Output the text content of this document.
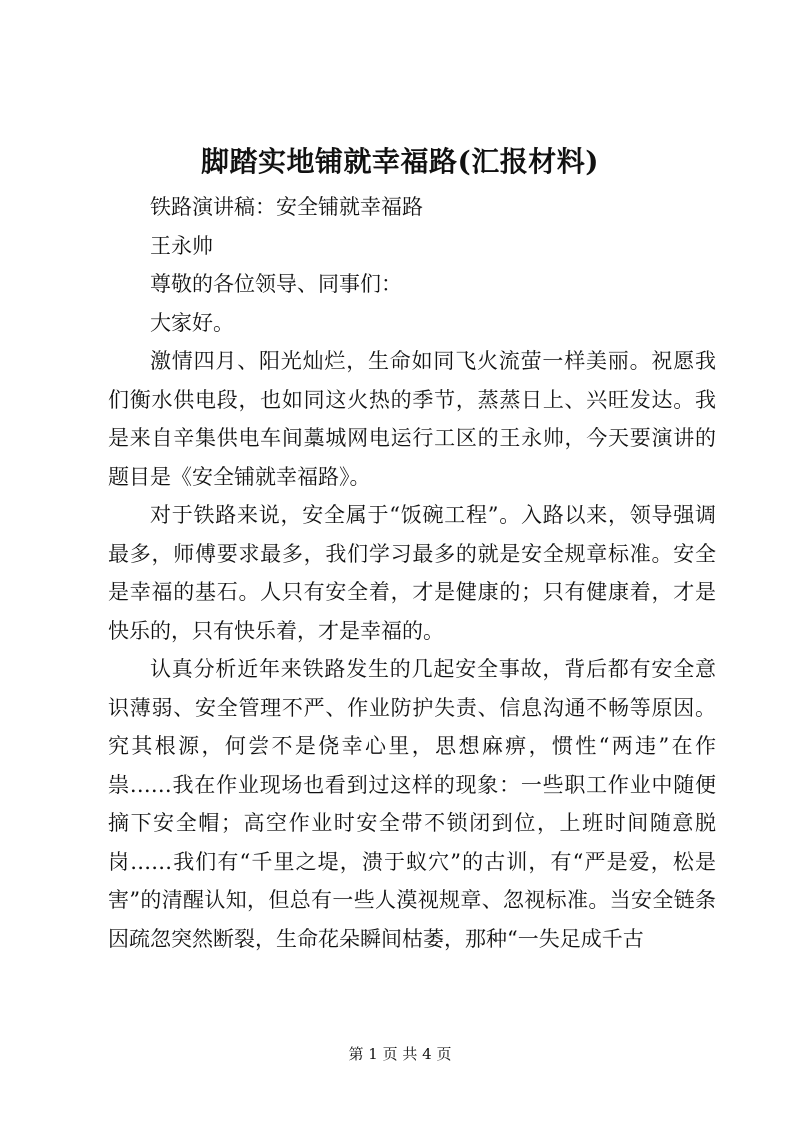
脚踏实地铺就幸福路(汇报材料)

铁路演讲稿：安全铺就幸福路

王永帅

尊敬的各位领导、同事们：

大家好。

激情四月、阳光灿烂，生命如同飞火流萤一样美丽。祝愿我们衡水供电段，也如同这火热的季节，蒸蒸日上、兴旺发达。我是来自辛集供电车间藁城网电运行工区的王永帅，今天要演讲的题目是《安全铺就幸福路》。

对于铁路来说，安全属于“饭碗工程”。入路以来，领导强调最多，师傅要求最多，我们学习最多的就是安全规章标准。安全是幸福的基石。人只有安全着，才是健康的；只有健康着，才是快乐的，只有快乐着，才是幸福的。

认真分析近年来铁路发生的几起安全事故，背后都有安全意识薄弱、安全管理不严、作业防护失责、信息沟通不畅等原因。究其根源，何尝不是侥幸心里，思想麻痹，惯性“两违”在作祟……我在作业现场也看到过这样的现象：一些职工作业中随便摘下安全帽；高空作业时安全带不锁闭到位，上班时间随意脱岗……我们有“千里之堤，溃于蚁穴”的古训，有“严是爱，松是害”的清醒认知，但总有一些人漠视规章、忽视标准。当安全链条因疏忽突然断裂，生命花朵瞬间枯萎，那种“一失足成千古

第 1 页 共 4 页
